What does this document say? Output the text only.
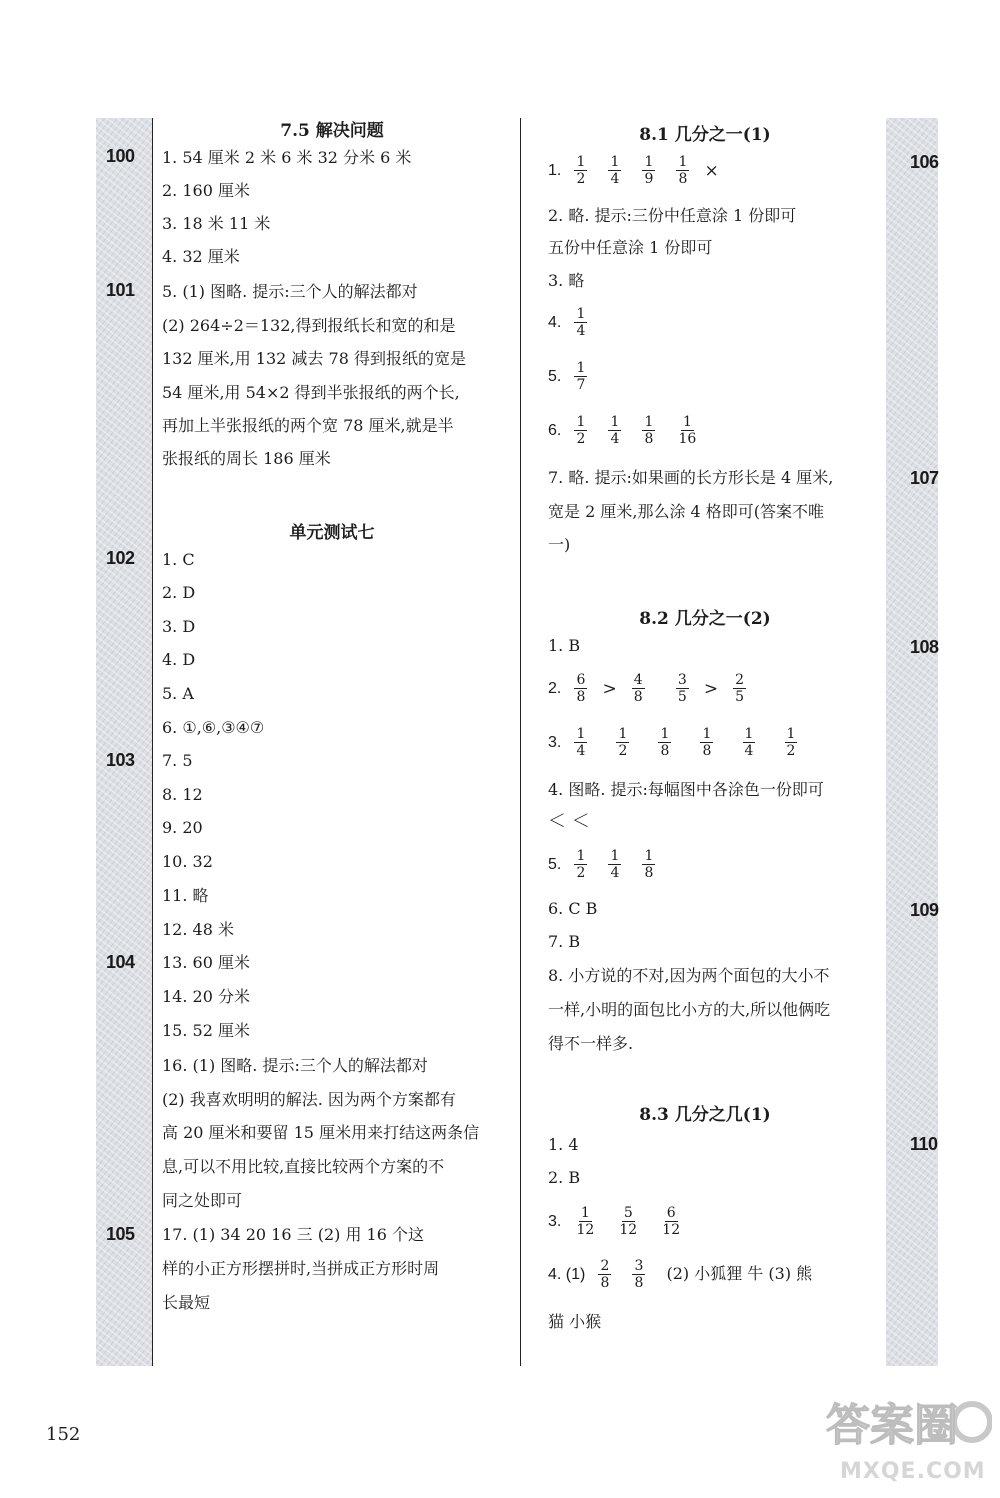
100
101
102
103
104
105
106
107
108
109
110
7.5 解决问题
1. 54 厘米 2 米 6 米 32 分米 6 米
2. 160 厘米
3. 18 米 11 米
4. 32 厘米
5. (1) 图略. 提示:三个人的解法都对
(2) 264÷2＝132,得到报纸长和宽的和是
132 厘米,用 132 减去 78 得到报纸的宽是
54 厘米,用 54×2 得到半张报纸的两个长,
再加上半张报纸的两个宽 78 厘米,就是半
张报纸的周长 186 厘米
单元测试七
1. C
2. D
3. D
4. D
5. A
6. ①,⑥,③④⑦
7. 5
8. 12
9. 20
10. 32
11. 略
12. 48 米
13. 60 厘米
14. 20 分米
15. 52 厘米
16. (1) 图略. 提示:三个人的解法都对
(2) 我喜欢明明的解法. 因为两个方案都有
高 20 厘米和要留 15 厘米用来打结这两条信
息,可以不用比较,直接比较两个方案的不
同之处即可
17. (1) 34 20 16 三 (2) 用 16 个这
样的小正方形摆拼时,当拼成正方形时周
长最短
8.1 几分之一(1)
1. $\frac{1}{2}$
$\frac{1}{4}$
$\frac{1}{9}$
$\frac{1}{8}$ ×
2. 略. 提示:三份中任意涂 1 份即可
五份中任意涂 1 份即可
3. 略
4. $\frac{1}{4}$
5. $\frac{1}{7}$
6. $\frac{1}{2}$
$\frac{1}{4}$
$\frac{1}{8}$
$\frac{1}{16}$
7. 略. 提示:如果画的长方形长是 4 厘米,
宽是 2 厘米,那么涂 4 格即可(答案不唯
一)
8.2 几分之一(2)
1. B
2. $\frac{6}{8} > \frac{4}{8}$
$\frac{3}{5} > \frac{2}{5}$
3. $\frac{1}{4}$
$\frac{1}{2}$
$\frac{1}{8}$
$\frac{1}{8}$
$\frac{1}{4}$
$\frac{1}{2}$
4. 图略. 提示:每幅图中各涂色一份即可
＜ ＜
5. $\frac{1}{2}$
$\frac{1}{4}$
$\frac{1}{8}$
6. C B
7. B
8. 小方说的不对,因为两个面包的大小不
一样,小明的面包比小方的大,所以他俩吃
得不一样多.
8.3 几分之几(1)
1. 4
2. B
3. $\frac{1}{12}$
$\frac{5}{12}$
$\frac{6}{12}$
4. $(1) \frac{2}{8}$
$\frac{3}{8} (2)$ 小狐狸 牛 (3) 熊
猫 小猴
152	答案圈
MXQE.COM
